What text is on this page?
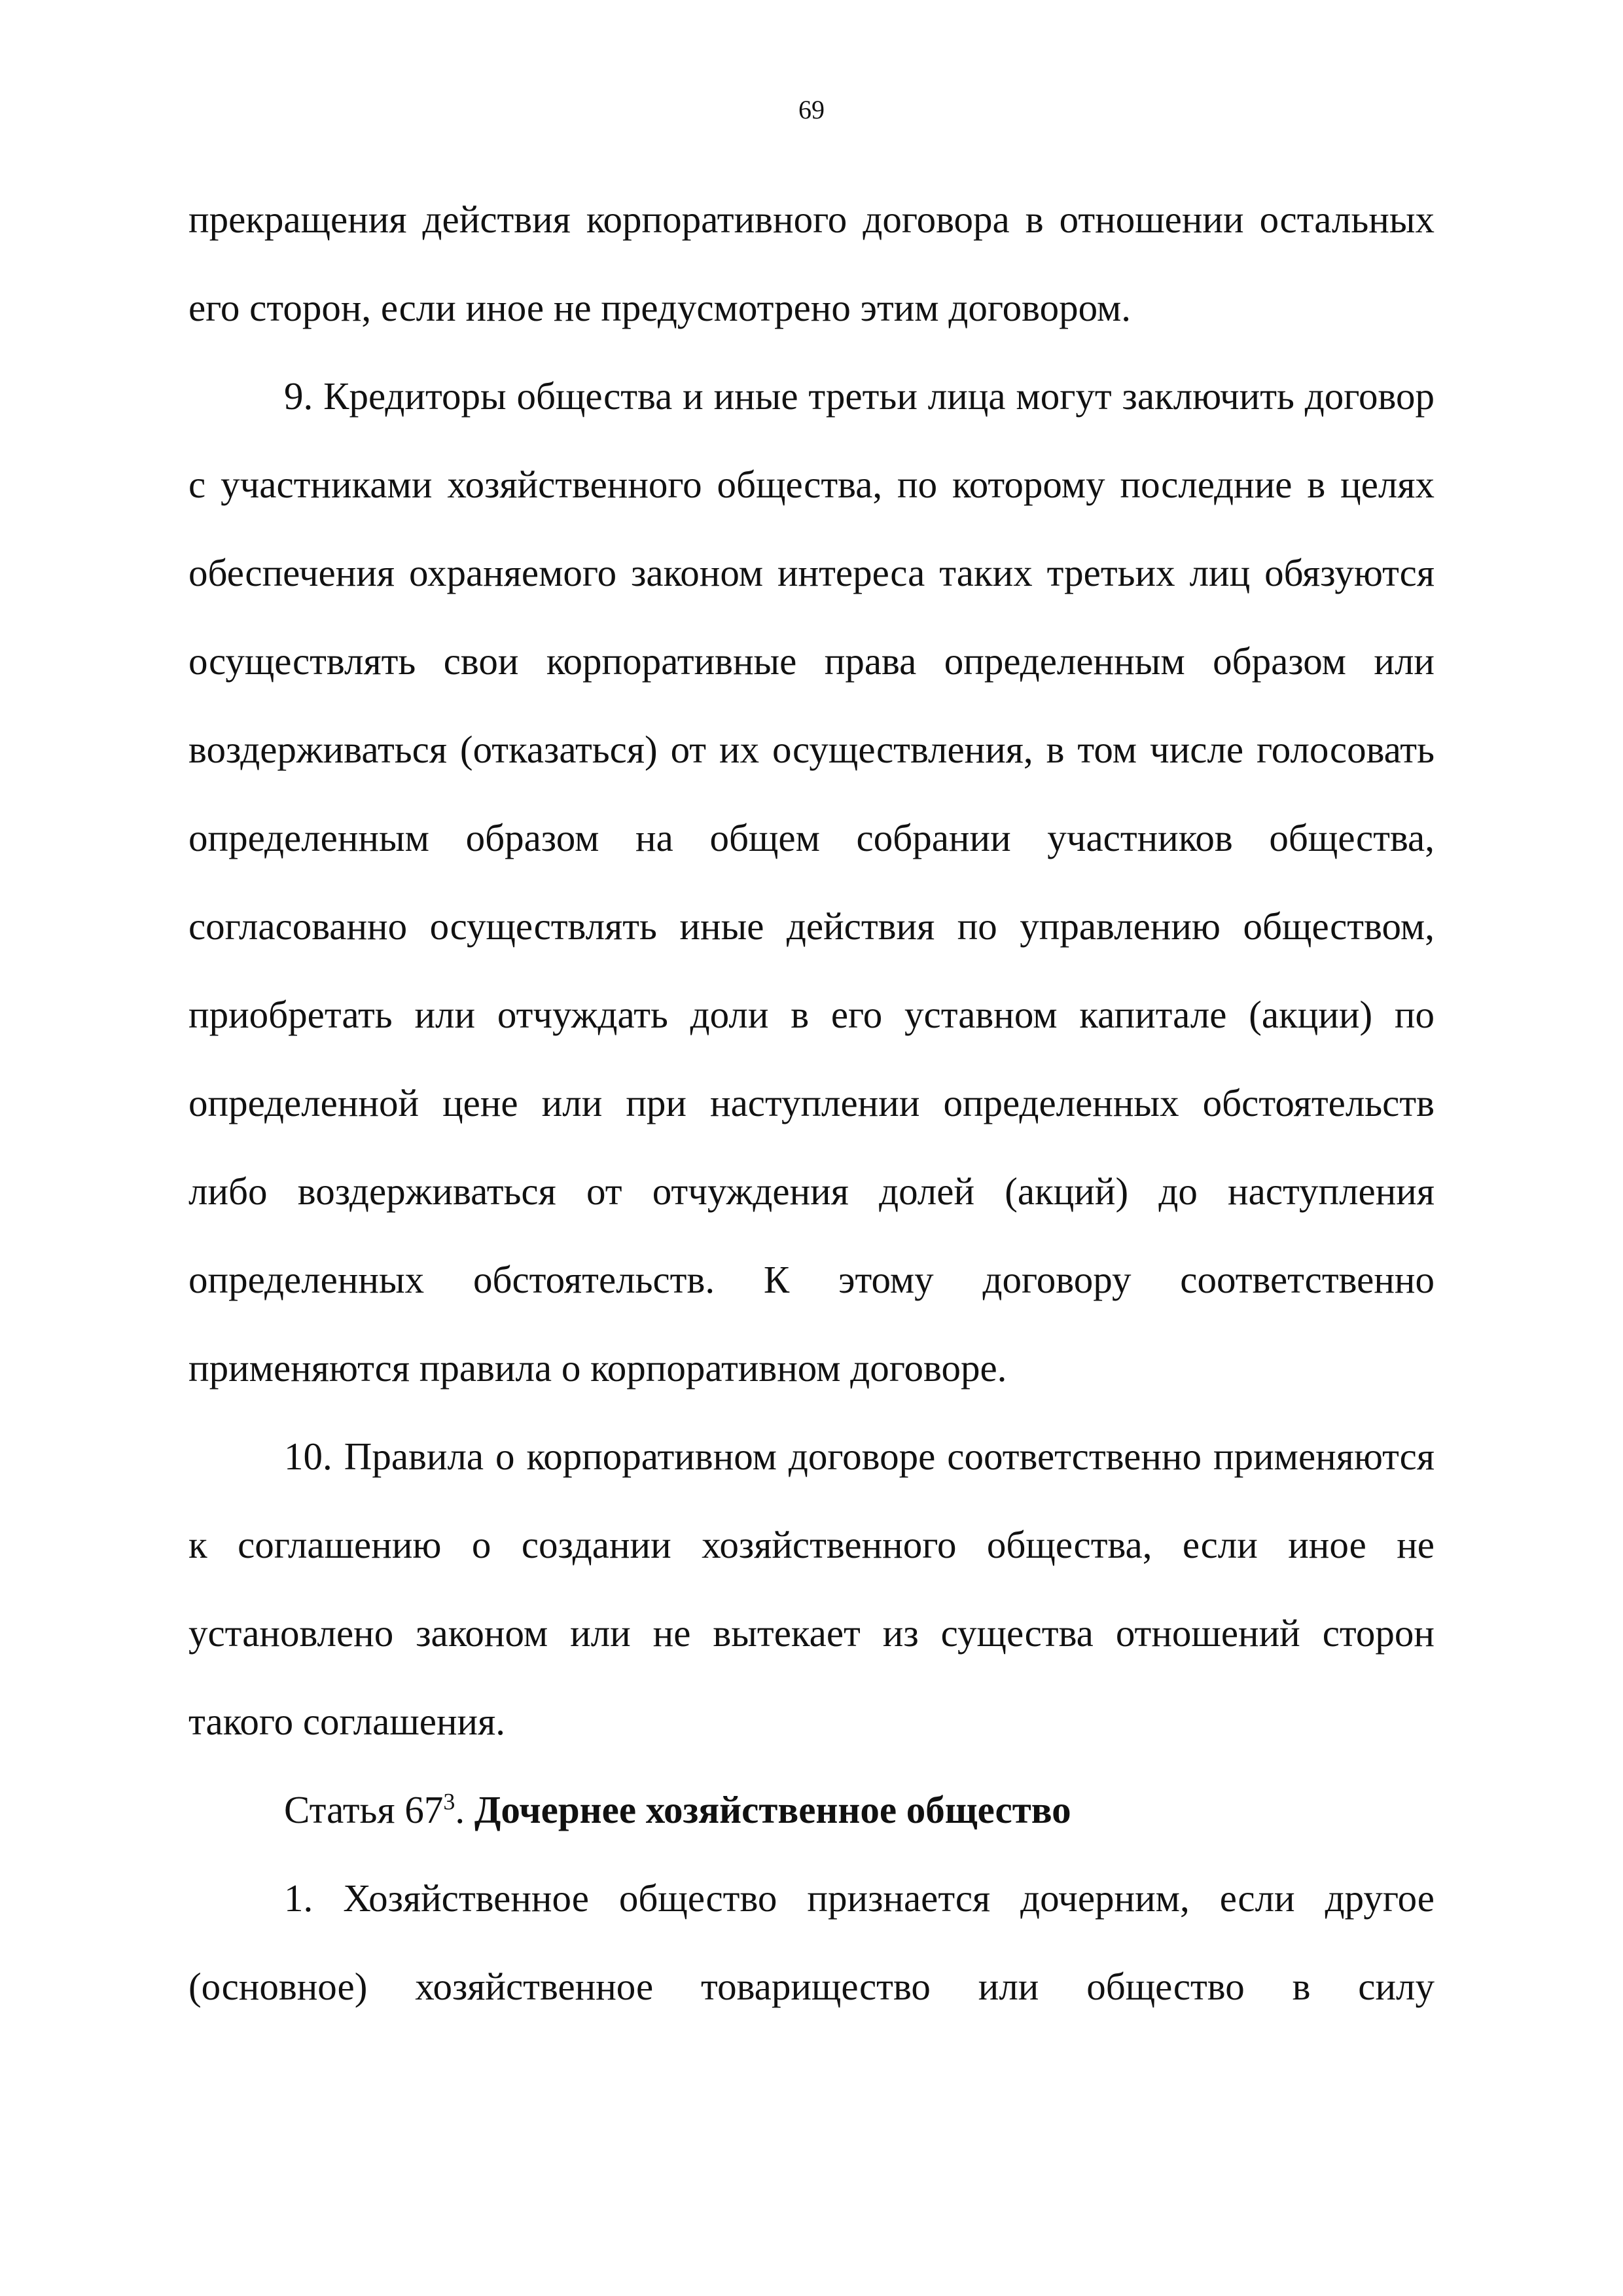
69

прекращения действия корпоративного договора в отношении остальных
его сторон, если иное не предусмотрено этим договором.

9. Кредиторы общества и иные третьи лица могут заключить договор
с участниками хозяйственного общества, по которому последние в целях
обеспечения охраняемого законом интереса таких третьих лиц обязуются
осуществлять свои корпоративные права определенным образом или
воздерживаться (отказаться) от их осуществления, в том числе голосовать
определенным образом на общем собрании участников общества,
согласованно осуществлять иные действия по управлению обществом,
приобретать или отчуждать доли в его уставном капитале (акции) по
определенной цене или при наступлении определенных обстоятельств
либо воздерживаться от отчуждения долей (акций) до наступления
определенных обстоятельств. К этому договору соответственно
применяются правила о корпоративном договоре.

10. Правила о корпоративном договоре соответственно применяются
к соглашению о создании хозяйственного общества, если иное не
установлено законом или не вытекает из существа отношений сторон
такого соглашения.

Статья $67^3$. Дочернее хозяйственное общество

1. Хозяйственное общество признается дочерним, если другое
(основное) хозяйственное товарищество или общество в силу
